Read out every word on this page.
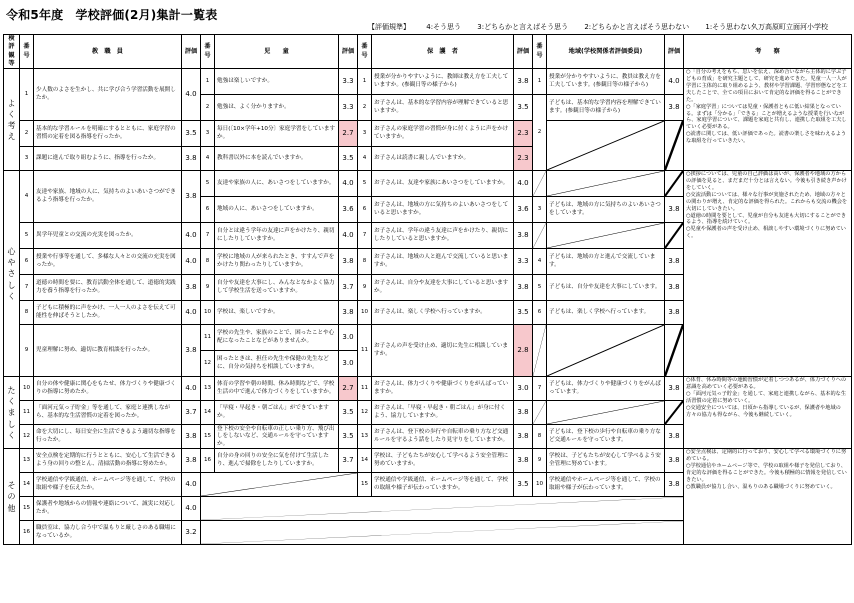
令和5年度　学校評価(2月)集計一覧表
【評価規準】 4:そう思う 3:どちらかと言えばそう思う 2:どちらかと言えばそう思わない 1:そう思わない
久万高原町立面河小学校
検評観等	番号	教　職　員	評価	番号	児　　童	評価	番号	保　護　者	評価	番号	地域(学校関係者評価委員)	評価	考　　察
よく考え	1	少人数のよさを生かし、共に学び合う学習活動を展開したか。	4.0	1	勉強は楽しいですか。	3.3	1	授業が分かりやすいように、教師は教え方を工夫していますか。(参観日等の様子から)	3.8	1	授業が分かりやすいように、教員は教え方を工夫しています。(参観日等の様子から)	4.0	○「自分の考えをもち、思いを伝え、深め合いながら主体的に学ぶ子どもの育成」を研究主題として、研究を進めてきた。児童一人一人が学習に主体的に取り組めるよう、教材や学習課題、学習形態などを工夫したことで、全ての項目において肯定的な評価を得ることができた。
○「家庭学習」については児童・保護者ともに低い結果となっている。まずは「分かる」「できる」ことが増えるような授業を行いながら、家庭学習について、課題を家庭と共有し、連携した取組を工夫していく必要がある。
○読書に関しては、低い評価であった。読書の楽しさを味わえるような取組を行っていきたい。
				2	勉強は、よく分かりますか。	3.3	2	お子さんは、基本的な学習内容が理解できていると思いますか。	3.5	2	子どもは、基本的な学習内容を理解できています。(参観日等の様子から)	3.8	
	2	基本的な学習ルールを明確にするとともに、家庭学習の習慣の定着を図る指導を行ったか。	3.5	3	毎日(〔10×学年+10分〕家庭学習をしていますか。	2.7	3	お子さんの家庭学習の習慣が身に付くように声をかけていますか。	2.3	

	3	課題に進んで取り組むように、指導を行ったか。	3.8	4	教科書以外に本を読んでいますか。	3.5	4	お子さんは読書に親しんでいますか。	2.3				
心やさしく	4	友達や家族、地域の人に、気持ちのよいあいさつができるよう指導を行ったか。	3.8	5	友達や家族の人に、あいさつをしていますか。	4.0	5	お子さんは、友達や家族にあいさつをしていますか。	4.0				○挨拶については、児童の自己評価は高いが、保護者や地域の方からの評価を見ると、まだまだ十分とは言えない。今後も引き続き声かけをしていく。
○交流活動については、様々な行事が実施されたため、地域の方々との関わりが増え、肯定的な評価を得られた。これからも交流の機会を大切にしていきたい。
○道徳の時間を要として、児童が自分も友達も大切にすることができるよう、指導を続けていく。
○児童や保護者の声を受け止め、相談しやすい環境づくりに努めていく。
				6	地域の人に、あいさつをしていますか。	3.6	6	お子さんは、地域の方に気持ちのよいあいさつをしていると思いますか。	3.6	3	子どもは、地域の方に気持ちのよいあいさつをしています。	3.8	
	5	異学年児童との交流の充実を図ったか。	4.0	7	自分とは違う学年の友達に声をかけたり、親切にしたりしていますか。	4.0	7	お子さんは、学年の違う友達に声をかけたり、親切にしたりしていると思いますか。	3.8	

	6	授業や行事等を通して、多様な人々との交流の充実を図ったか。	4.0	8	学校に地域の人が来られたとき、すすんで声をかけたり関わったりしていますか。	3.8	8	お子さんは、地域の人と進んで交流していると思いますか。	3.3	4	子どもは、地域の方と進んで交流しています。	3.8	
	7	道徳の時間を要に、教育活動全体を通して、道徳的実践力を養う指導を行ったか。	3.8	9	自分や友達を大事にし、みんなとなかよく協力して学校生活を送っていますか。	3.7	9	お子さんは、自分や友達を大事にしていると思いますか。	3.8	5	子どもは、自分や友達を大事にしています。	3.8	
	8	子どもに積極的に声をかけ、一人一人のよさを伝えて可能性を伸ばそうとしたか。	4.0	10	学校は、楽しいですか。	3.8	10	お子さんは、楽しく学校へ行っていますか。	3.5	6	子どもは、楽しく学校へ行っています。	3.8	
	9	児童理解に努め、適切に教育相談を行ったか。	3.8	11	学校の先生や、家族のことで、困ったことや心配になったことなどがありませんか。	3.0	11	お子さんの声を受け止め、適切に先生に相談していますか。	2.8	

				12	困ったときは、担任の先生や保健の先生などに、自分の気持ちを相談していますか。	3.0							
たくましく	10	自分の体や健康に関心をもたせ、体力づくりや健康づくりの指導に努めたか。	4.0	13	体育の学習や朝の時間、休み時間などで、学校生活の中で進んで体力づくりをしていますか。	2.7	11	お子さんは、体力づくりや健康づくりをがんばっていますか。	3.0	7	子どもは、体力づくりや健康づくりをがんばっています。	3.8	○体育、休み時間等の運動習慣が定着しつつあるが、体力づくりへの意識を高めていく必要がある。
○「面河元気っ子貯金」を通して、家庭と連携しながら、基本的な生活習慣の定着に努めていく。
○交通安全については、日頃から指導しているが、保護者や地域の方々の協力も得ながら、今後も継続していく。
	11	「面河元気っ子貯金」等を通して、家庭と連携しながら、基本的な生活習慣の定着を図ったか。	3.7	14	「早寝・早起き・朝ごはん」ができていますか。	3.5	12	お子さんは、「早寝・早起き・朝ごはん」が身に付くよう、協力していますか。	3.8	

	12	命を大切にし、毎日安全に生活できるよう適切な指導を行ったか。	3.8	15	登下校の安全や自転車の正しい乗り方、飛び出しをしないなど、交通ルールを守っていますか。	3.5	13	お子さんは、登下校の歩行や自転車の乗り方など交通ルールを守るよう話をしたり見守りをしていますか。	3.8	8	子どもは、登下校の歩行や自転車の乗り方など交通ルールを守っています。	3.8	
その他	13	安全点検を定期的に行うとともに、安心して生活できるよう身の回りの整とん、清掃活動の指導に努めたか。	3.8	16	自分の身の回りの安全に気を付けて生活したり、進んで掃除をしたりしていますか。	3.7	14	学校は、子どもたちが安心して学べるよう安全管理に努めていますか。	3.8	9	学校は、子どもたちが安心して学べるよう安全管理に努めています。	3.8	○安全点検は、定期的に行っており、安心して学べる環境づくりに努めている。
○学校通信やホームページ等で、学校の取組や様子を発信しており、肯定的な評価を得ることができた。今後も積極的に情報を発信していきたい。
○教職員が協力し合い、温もりのある職場づくりに努めていく。
	14	学校通信や学級通信、ホームページ等を通して、学校の取組や様子を伝えたか。	4.0				15	学校通信や学級通信、ホームページ等を通して、学校の取組や様子が伝わっていますか。	3.5	10	学校通信やホームページ等を通して、学校の取組や様子が伝わっています。	3.8	
	15	保護者や地域からの情報や連絡について、誠実に対応したか。	4.0	

	16	職員室は、協力し合う中で温もりと厳しさのある職場になっているか。	3.2	
